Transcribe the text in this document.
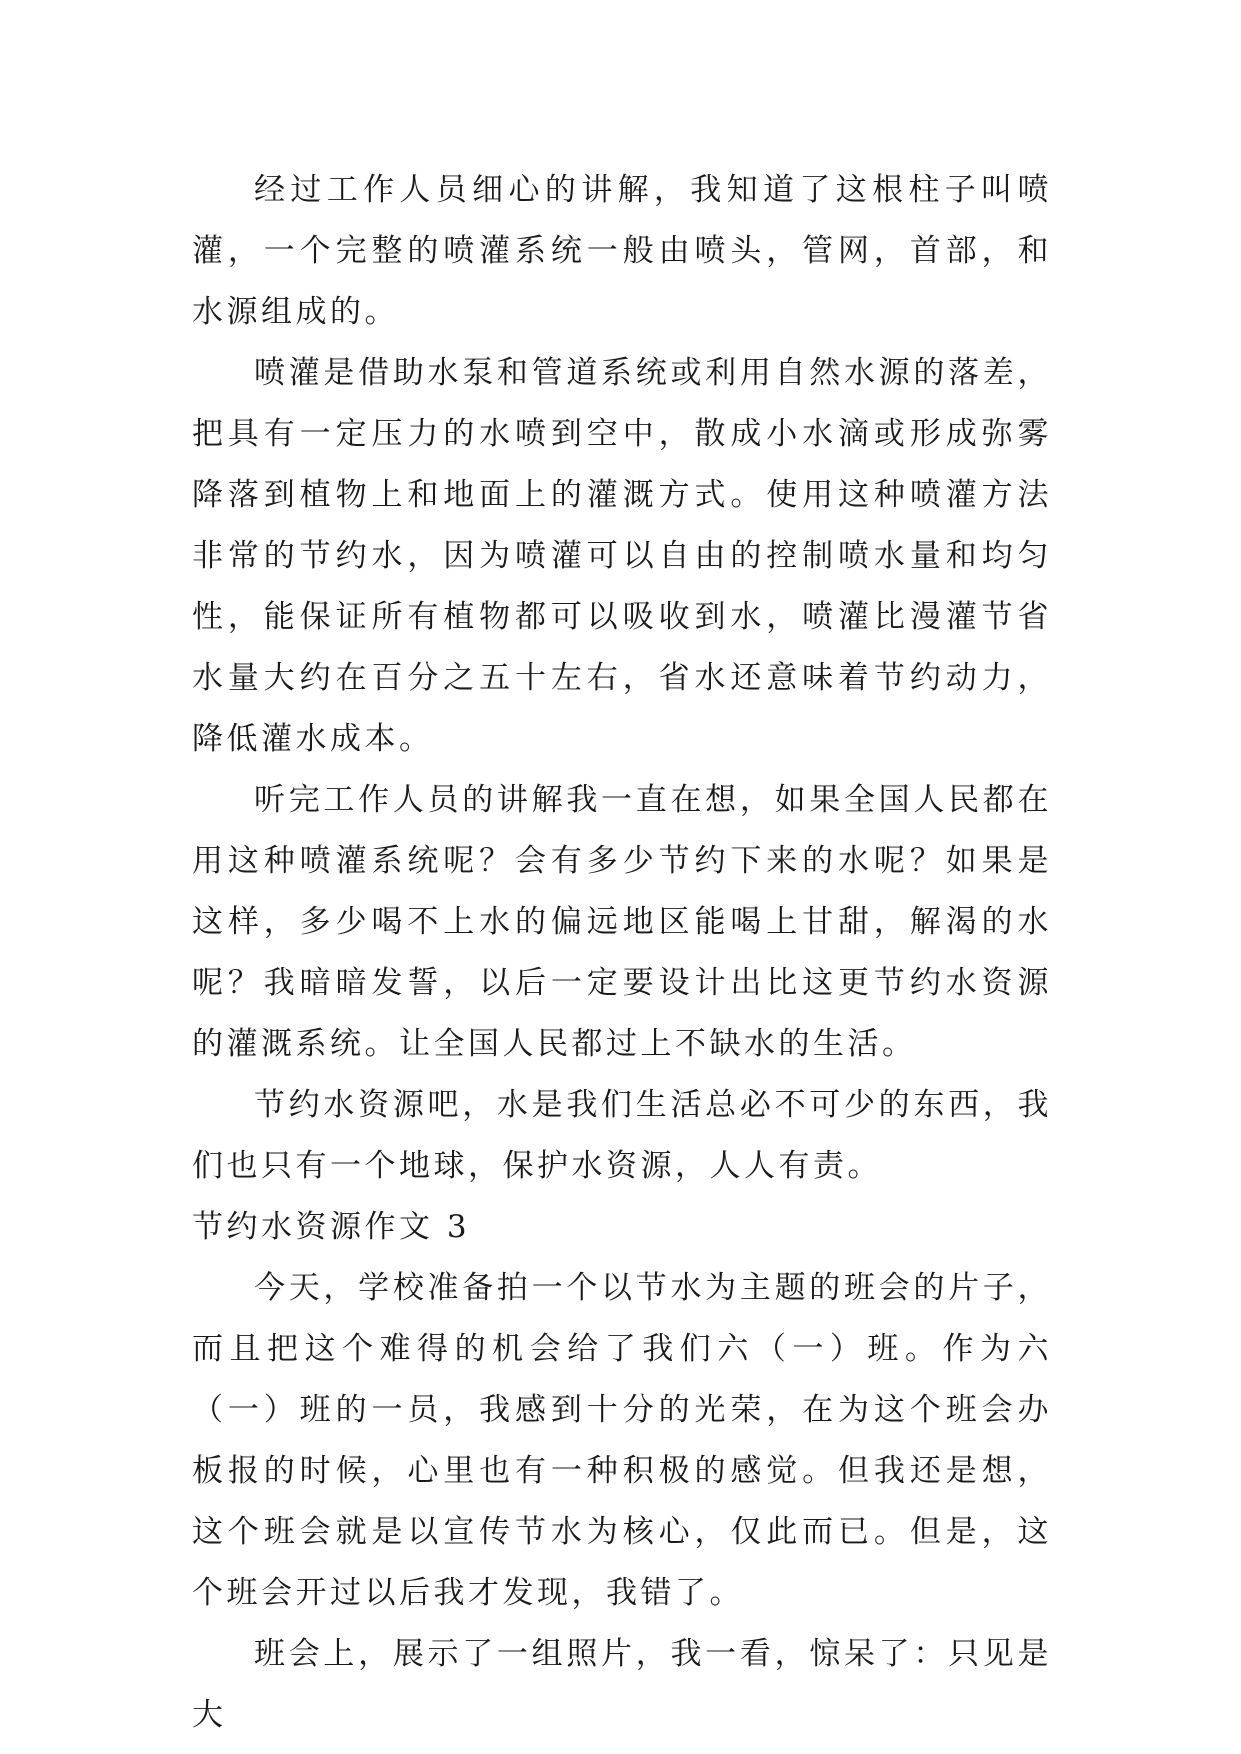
经过工作人员细心的讲解，我知道了这根柱子叫喷灌，一个完整的喷灌系统一般由喷头，管网，首部，和水源组成的。

喷灌是借助水泵和管道系统或利用自然水源的落差，把具有一定压力的水喷到空中，散成小水滴或形成弥雾降落到植物上和地面上的灌溉方式。使用这种喷灌方法非常的节约水，因为喷灌可以自由的控制喷水量和均匀性，能保证所有植物都可以吸收到水，喷灌比漫灌节省水量大约在百分之五十左右，省水还意味着节约动力，降低灌水成本。

听完工作人员的讲解我一直在想，如果全国人民都在用这种喷灌系统呢？会有多少节约下来的水呢？如果是这样，多少喝不上水的偏远地区能喝上甘甜，解渴的水呢？我暗暗发誓，以后一定要设计出比这更节约水资源的灌溉系统。让全国人民都过上不缺水的生活。

节约水资源吧，水是我们生活总必不可少的东西，我们也只有一个地球，保护水资源，人人有责。

节约水资源作文 3

今天，学校准备拍一个以节水为主题的班会的片子，而且把这个难得的机会给了我们六（一）班。作为六（一）班的一员，我感到十分的光荣，在为这个班会办板报的时候，心里也有一种积极的感觉。但我还是想，这个班会就是以宣传节水为核心，仅此而已。但是，这个班会开过以后我才发现，我错了。

班会上，展示了一组照片，我一看，惊呆了：只见是大
